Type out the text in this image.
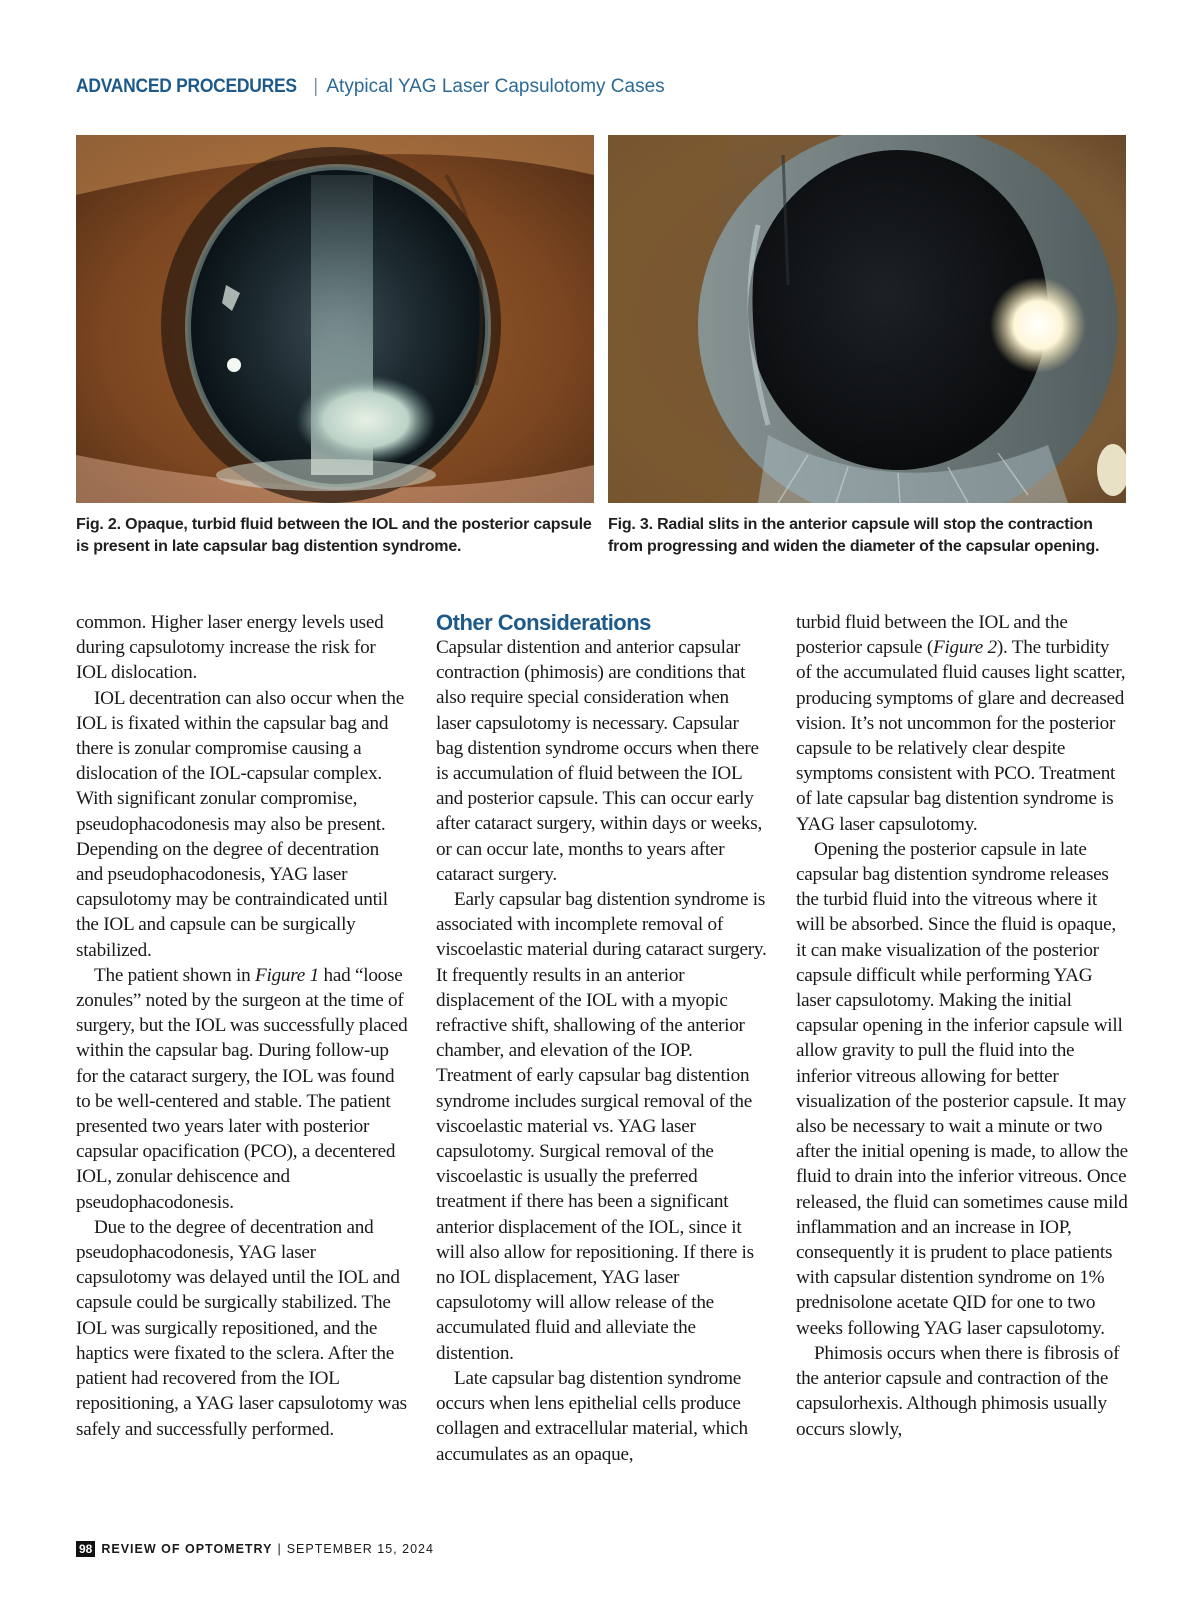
ADVANCED PROCEDURES | Atypical YAG Laser Capsulotomy Cases
Fig. 2. Opaque, turbid fluid between the IOL and the posterior capsule is present in late capsular bag distention syndrome.
Fig. 3. Radial slits in the anterior capsule will stop the contraction from progressing and widen the diameter of the capsular opening.

common. Higher laser energy levels used during capsulotomy increase the risk for IOL dislocation.

IOL decentration can also occur when the IOL is fixated within the capsular bag and there is zonular compromise causing a dislocation of the IOL-capsular complex. With significant zonular compromise, pseudophacodonesis may also be present. Depending on the degree of decentration and pseudophacodonesis, YAG laser capsulotomy may be contraindicated until the IOL and capsule can be surgically stabilized.

The patient shown in Figure 1 had “loose zonules” noted by the surgeon at the time of surgery, but the IOL was successfully placed within the capsular bag. During follow-up for the cataract surgery, the IOL was found to be well-centered and stable. The patient presented two years later with posterior capsular opacification (PCO), a decentered IOL, zonular dehiscence and pseudophacodonesis.

Due to the degree of decentration and pseudophacodonesis, YAG laser capsulotomy was delayed until the IOL and capsule could be surgically stabilized. The IOL was surgically repositioned, and the haptics were fixated to the sclera. After the patient had recovered from the IOL repositioning, a YAG laser capsulotomy was safely and successfully performed.

Other Considerations

Capsular distention and anterior capsular contraction (phimosis) are conditions that also require special consideration when laser capsulotomy is necessary. Capsular bag distention syndrome occurs when there is accumulation of fluid between the IOL and posterior capsule. This can occur early after cataract surgery, within days or weeks, or can occur late, months to years after cataract surgery.

Early capsular bag distention syndrome is associated with incomplete removal of viscoelastic material during cataract surgery. It frequently results in an anterior displacement of the IOL with a myopic refractive shift, shallowing of the anterior chamber, and elevation of the IOP. Treatment of early capsular bag distention syndrome includes surgical removal of the viscoelastic material vs. YAG laser capsulotomy. Surgical removal of the viscoelastic is usually the preferred treatment if there has been a significant anterior displacement of the IOL, since it will also allow for repositioning. If there is no IOL displacement, YAG laser capsulotomy will allow release of the accumulated fluid and alleviate the distention.

Late capsular bag distention syndrome occurs when lens epithelial cells produce collagen and extracellular material, which accumulates as an opaque,

turbid fluid between the IOL and the posterior capsule (Figure 2). The turbidity of the accumulated fluid causes light scatter, producing symptoms of glare and decreased vision. It’s not uncommon for the posterior capsule to be relatively clear despite symptoms consistent with PCO. Treatment of late capsular bag distention syndrome is YAG laser capsulotomy.

Opening the posterior capsule in late capsular bag distention syndrome releases the turbid fluid into the vitreous where it will be absorbed. Since the fluid is opaque, it can make visualization of the posterior capsule difficult while performing YAG laser capsulotomy. Making the initial capsular opening in the inferior capsule will allow gravity to pull the fluid into the inferior vitreous allowing for better visualization of the posterior capsule. It may also be necessary to wait a minute or two after the initial opening is made, to allow the fluid to drain into the inferior vitreous. Once released, the fluid can sometimes cause mild inflammation and an increase in IOP, consequently it is prudent to place patients with capsular distention syndrome on 1% prednisolone acetate QID for one to two weeks following YAG laser capsulotomy.

Phimosis occurs when there is fibrosis of the anterior capsule and contraction of the capsulorhexis. Although phimosis usually occurs slowly,

98 REVIEW OF OPTOMETRY | SEPTEMBER 15, 2024
